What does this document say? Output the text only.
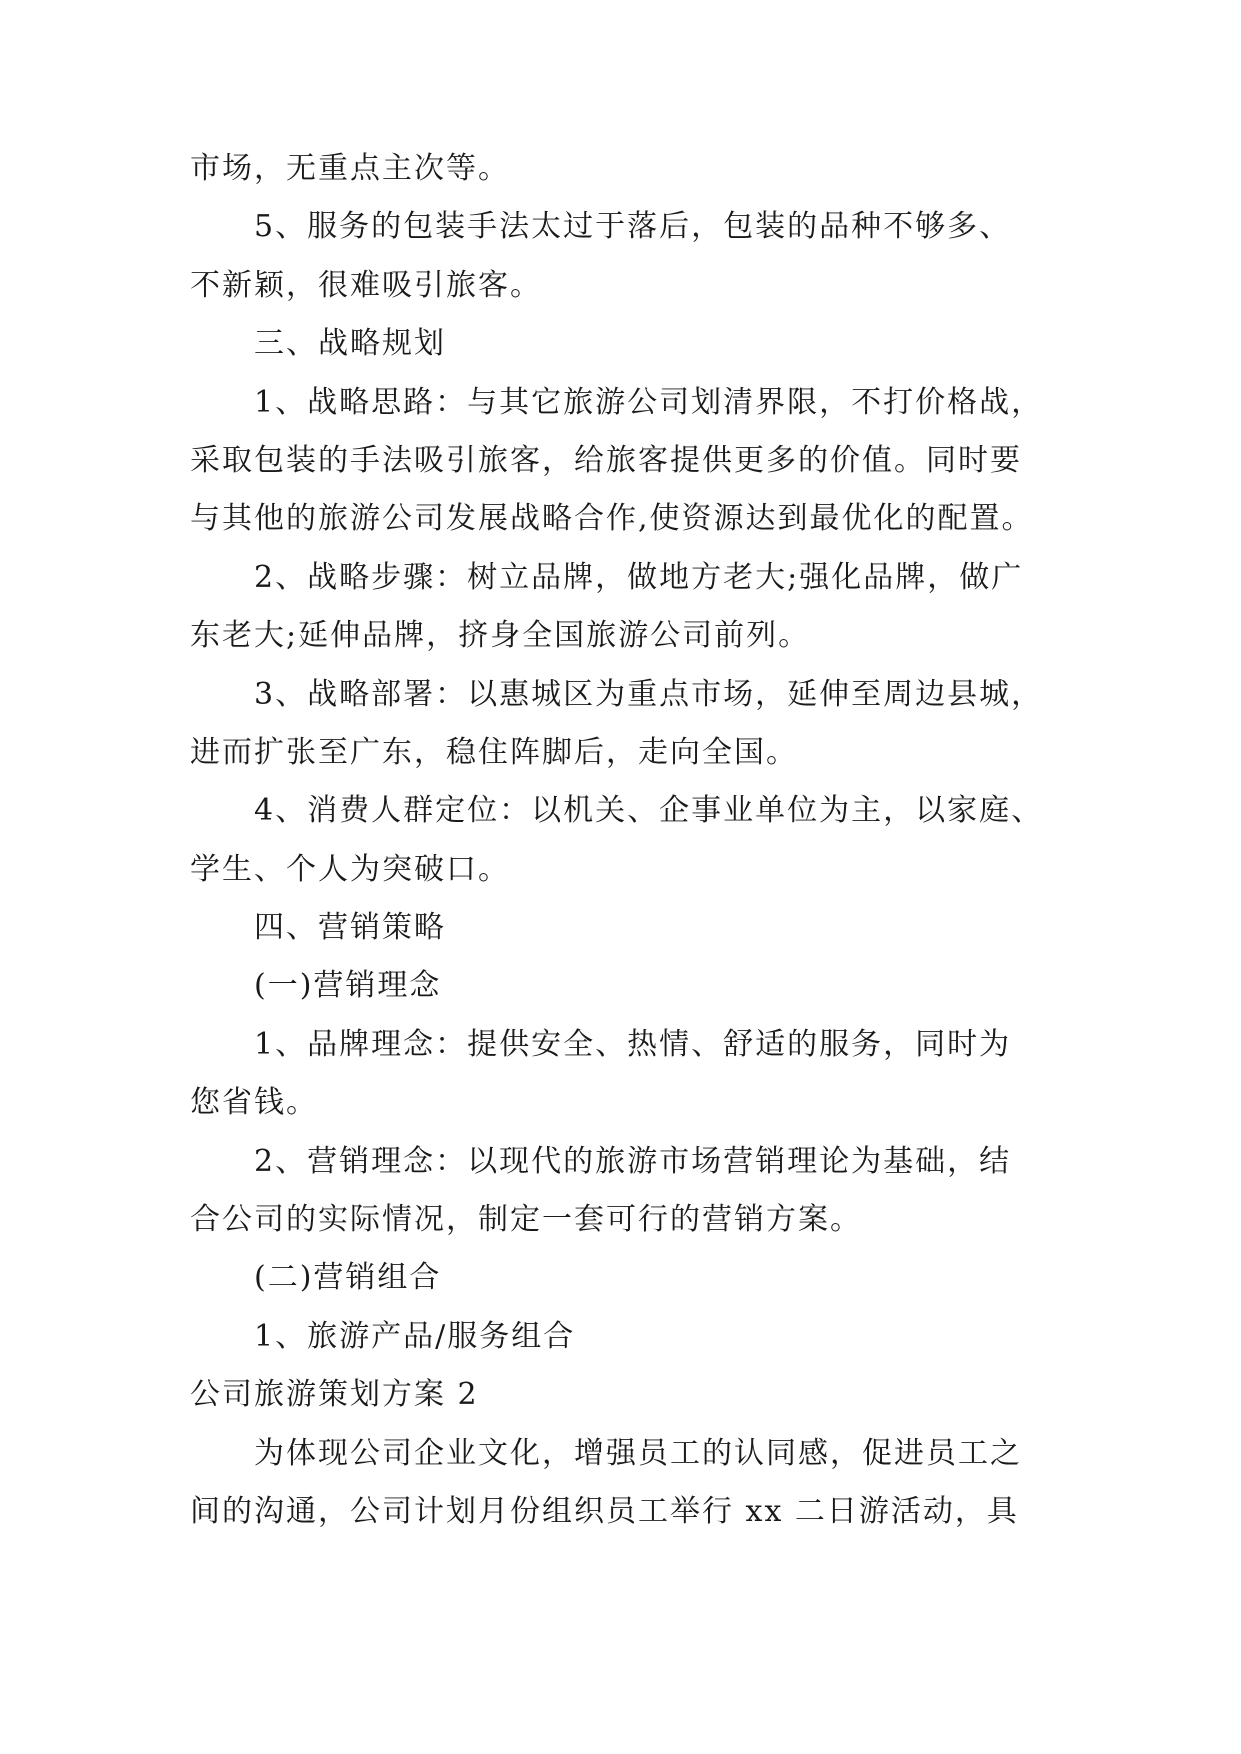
市场，无重点主次等。
5、服务的包装手法太过于落后，包装的品种不够多、
不新颖，很难吸引旅客。
三、战略规划
1、战略思路：与其它旅游公司划清界限，不打价格战，
采取包装的手法吸引旅客，给旅客提供更多的价值。同时要
与其他的旅游公司发展战略合作,使资源达到最优化的配置。
2、战略步骤：树立品牌，做地方老大;强化品牌，做广
东老大;延伸品牌，挤身全国旅游公司前列。
3、战略部署：以惠城区为重点市场，延伸至周边县城，
进而扩张至广东，稳住阵脚后，走向全国。
4、消费人群定位：以机关、企事业单位为主，以家庭、
学生、个人为突破口。
四、营销策略
(一)营销理念
1、品牌理念：提供安全、热情、舒适的服务，同时为
您省钱。
2、营销理念：以现代的旅游市场营销理论为基础，结
合公司的实际情况，制定一套可行的营销方案。
(二)营销组合
1、旅游产品/服务组合
公司旅游策划方案 2
为体现公司企业文化，增强员工的认同感，促进员工之
间的沟通，公司计划月份组织员工举行 xx 二日游活动，具
